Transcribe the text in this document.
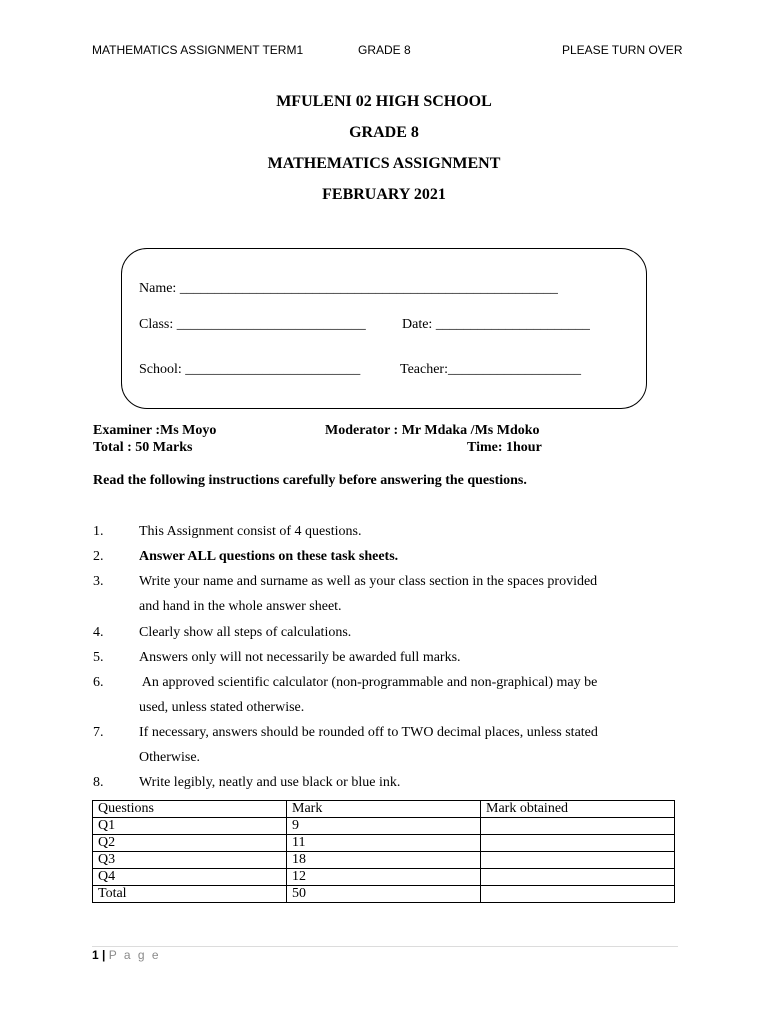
MATHEMATICS ASSIGNMENT TERM1	GRADE 8	PLEASE TURN OVER
MFULENI 02 HIGH SCHOOL
GRADE 8
MATHEMATICS ASSIGNMENT
FEBRUARY 2021
Name: ______________________________________________________
Class: ___________________________	Date: ______________________
School: _________________________	Teacher:___________________
Examiner :Ms Moyo	Moderator : Mr Mdaka /Ms Mdoko
Total : 50 Marks	Time: 1hour
Read the following instructions carefully before answering the questions.
1.	This Assignment consist of 4 questions.
2.	Answer ALL questions on these task sheets.
3.	Write your name and surname as well as your class section in the spaces provided
and hand in the whole answer sheet.
4.	Clearly show all steps of calculations.
5.	Answers only will not necessarily be awarded full marks.
6.	An approved scientific calculator (non-programmable and non-graphical) may be
used, unless stated otherwise.
7.	If necessary, answers should be rounded off to TWO decimal places, unless stated
Otherwise.
8.	Write legibly, neatly and use black or blue ink.
Questions	Mark	Mark obtained
Q1	9	
Q2	11	
Q3	18	
Q4	12	
Total	50	
1 | P a g e
